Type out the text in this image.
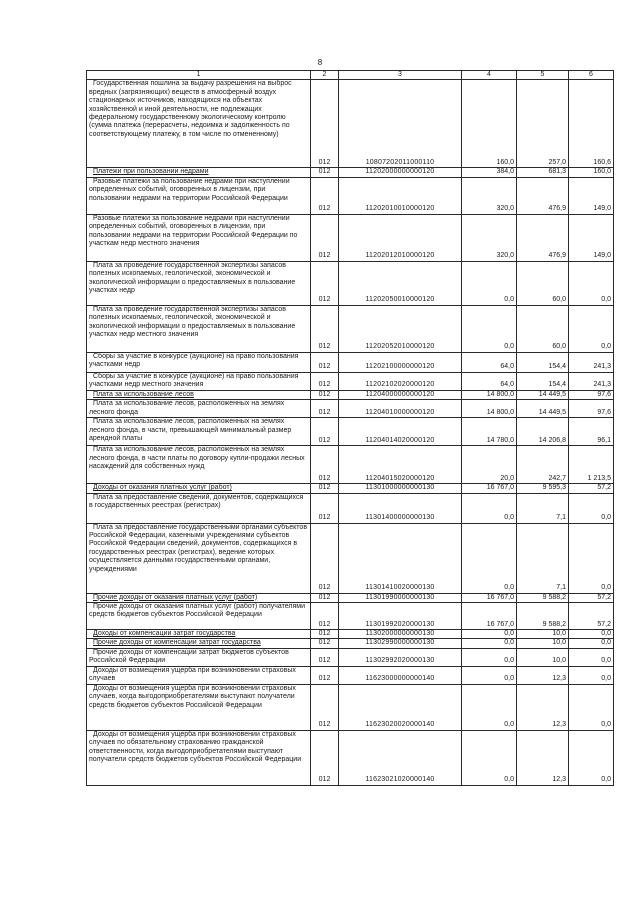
8
1	2	3	4	5	6
Государственная пошлина за выдачу разрешения на выброс вредных (загрязняющих) веществ в атмосферный воздух стационарных источников, находящихся на объектах хозяйственной и иной деятельности, не подлежащих федеральному государственному экологическому контролю (сумма платежа (перерасчеты, недоимка и задолженность по соответствующему платежу, в том числе по отмененному)	012	10807202011000110	160,0	257,0	160,6
Платежи при пользовании недрами	012	11202000000000120	384,0	681,3	160,0
Разовые платежи за пользование недрами при наступлении определенных событий, оговоренных в лицензии, при пользовании недрами на территории Российской Федерации	012	11202010010000120	320,0	476,9	149,0
Разовые платежи за пользование недрами при наступлении определенных событий, оговоренных в лицензии, при пользовании недрами на территории Российской Федерации по участкам недр местного значения	012	11202012010000120	320,0	476,9	149,0
Плата за проведение государственной экспертизы запасов полезных ископаемых, геологической, экономической и экологической информации о предоставляемых в пользование участках недр	012	11202050010000120	0,0	60,0	0,0
Плата за проведение государственной экспертизы запасов полезных ископаемых, геологической, экономической и экологической информации о предоставляемых в пользование участках недр местного значения	012	11202052010000120	0,0	60,0	0,0
Сборы за участие в конкурсе (аукционе) на право пользования участками недр	012	11202100000000120	64,0	154,4	241,3
Сборы за участие в конкурсе (аукционе) на право пользования участками недр местного значения	012	11202102020000120	64,0	154,4	241,3
Плата за использование лесов	012	11204000000000120	14 800,0	14 449,5	97,6
Плата за использование лесов, расположенных на землях лесного фонда	012	11204010000000120	14 800,0	14 449,5	97,6
Плата за использование лесов, расположенных на землях лесного фонда, в части, превышающей минимальный размер арендной платы	012	11204014020000120	14 780,0	14 206,8	96,1
Плата за использование лесов, расположенных на землях лесного фонда, в части платы по договору купли-продажи лесных насаждений для собственных нужд	012	11204015020000120	20,0	242,7	1 213,5
Доходы от оказания платных услуг (работ)	012	11301000000000130	16 767,0	9 595,3	57,2
Плата за предоставление сведений, документов, содержащихся в государственных реестрах (регистрах)	012	11301400000000130	0,0	7,1	0,0
Плата за предоставление государственными органами субъектов Российской Федерации, казенными учреждениями субъектов Российской Федерации сведений, документов, содержащихся в государственных реестрах (регистрах), ведение которых осуществляется данными государственными органами, учреждениями	012	11301410020000130	0,0	7,1	0,0
Прочие доходы от оказания платных услуг (работ)	012	11301990000000130	16 767,0	9 588,2	57,2
Прочие доходы от оказания платных услуг (работ) получателями средств бюджетов субъектов Российской Федерации	012	11301992020000130	16 767,0	9 588,2	57,2
Доходы от компенсации затрат государства	012	11302000000000130	0,0	10,0	0,0
Прочие доходы от компенсации затрат государства	012	11302990000000130	0,0	10,0	0,0
Прочие доходы от компенсации затрат бюджетов субъектов Российской Федерации	012	11302992020000130	0,0	10,0	0,0
Доходы от возмещения ущерба при возникновении страховых случаев	012	11623000000000140	0,0	12,3	0,0
Доходы от возмещения ущерба при возникновении страховых случаев, когда выгодоприобретателями выступают получатели средств бюджетов субъектов Российской Федерации	012	11623020020000140	0,0	12,3	0,0
Доходы от возмещения ущерба при возникновении страховых случаев по обязательному страхованию гражданской ответственности, когда выгодоприобретателями выступают получатели средств бюджетов субъектов Российской Федерации	012	11623021020000140	0,0	12,3	0,0
